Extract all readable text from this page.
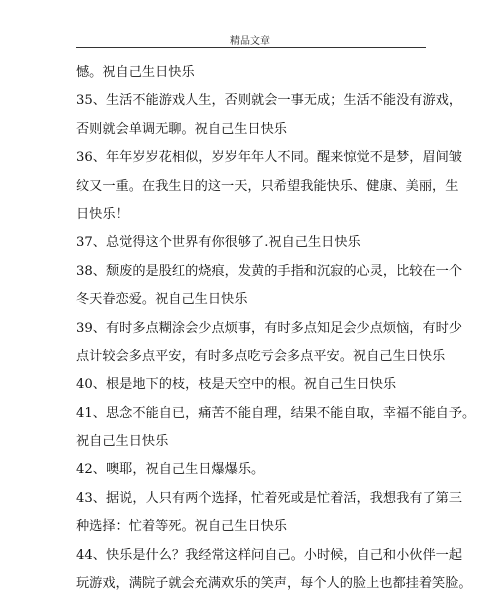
精品文章
憾。祝自己生日快乐
35、生活不能游戏人生，否则就会一事无成；生活不能没有游戏，
否则就会单调无聊。祝自己生日快乐
36、年年岁岁花相似，岁岁年年人不同。醒来惊觉不是梦，眉间皱
纹又一重。在我生日的这一天，只希望我能快乐、健康、美丽，生
日快乐！
37、总觉得这个世界有你很够了.祝自己生日快乐
38、颓废的是股红的烧痕，发黄的手指和沉寂的心灵，比较在一个
冬天眷恋爱。祝自己生日快乐
39、有时多点糊涂会少点烦事，有时多点知足会少点烦恼，有时少
点计较会多点平安，有时多点吃亏会多点平安。祝自己生日快乐
40、根是地下的枝，枝是天空中的根。祝自己生日快乐
41、思念不能自已，痛苦不能自理，结果不能自取，幸福不能自予。
祝自己生日快乐
42、噢耶，祝自己生日爆爆乐。
43、据说，人只有两个选择，忙着死或是忙着活，我想我有了第三
种选择：忙着等死。祝自己生日快乐
44、快乐是什么？我经常这样问自己。小时候，自己和小伙伴一起
玩游戏，满院子就会充满欢乐的笑声，每个人的脸上也都挂着笑脸。
